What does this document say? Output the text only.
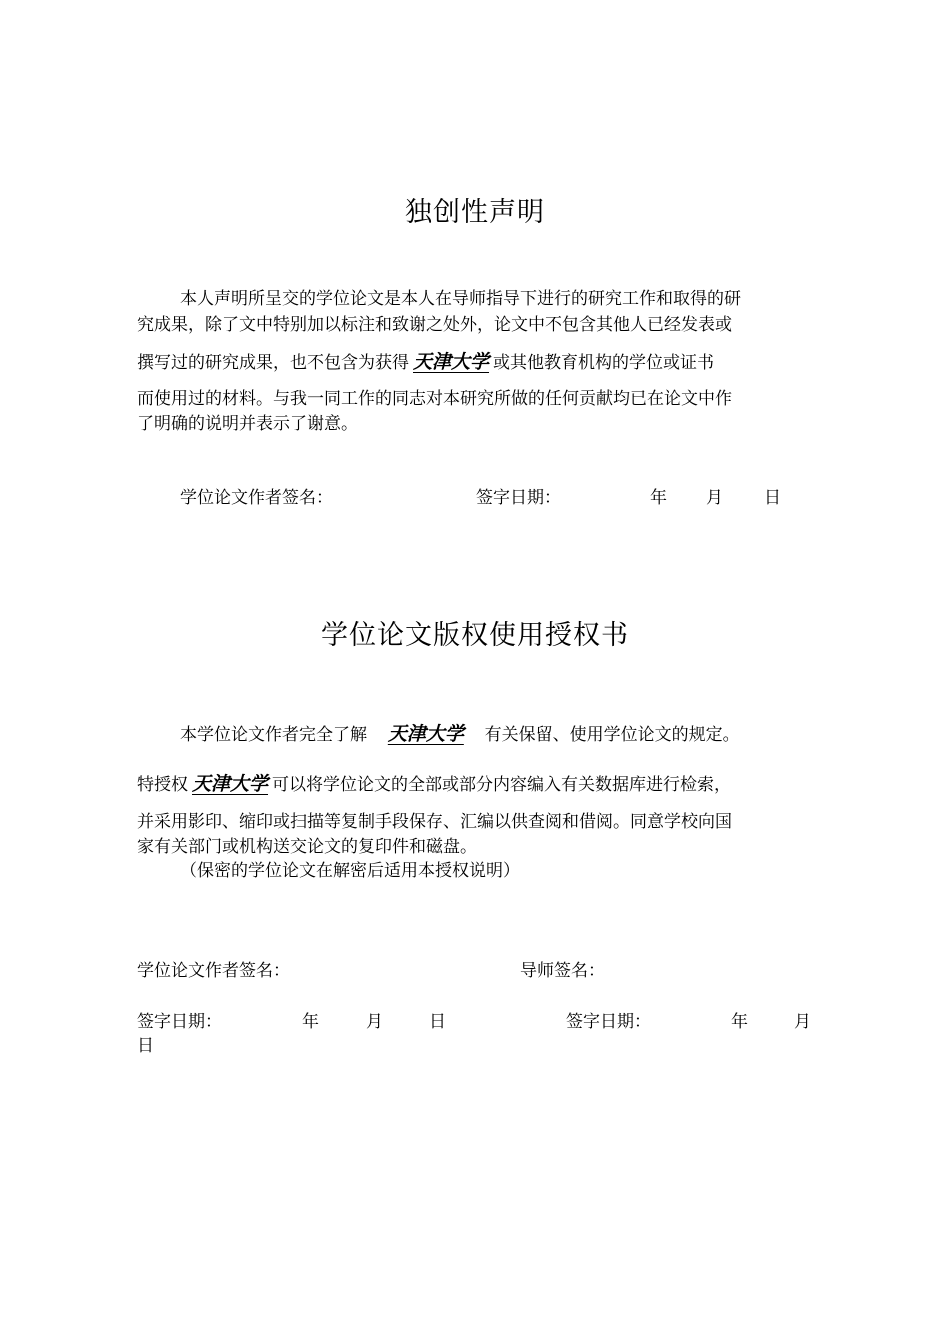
独创性声明
本人声明所呈交的学位论文是本人在导师指导下进行的研究工作和取得的研
究成果，除了文中特别加以标注和致谢之处外，论文中不包含其他人已经发表或
撰写过的研究成果，也不包含为获得 天津大学 或其他教育机构的学位或证书
而使用过的材料。与我一同工作的同志对本研究所做的任何贡献均已在论文中作
了明确的说明并表示了谢意。
学位论文作者签名：	签字日期：	年 月 日
学位论文版权使用授权书
本学位论文作者完全了解 天津大学 有关保留、使用学位论文的规定。
特授权 天津大学 可以将学位论文的全部或部分内容编入有关数据库进行检索，
并采用影印、缩印或扫描等复制手段保存、汇编以供查阅和借阅。同意学校向国
家有关部门或机构送交论文的复印件和磁盘。
（保密的学位论文在解密后适用本授权说明）
学位论文作者签名：	导师签名：
签字日期：	年	月	日	签字日期：	年	月
日
